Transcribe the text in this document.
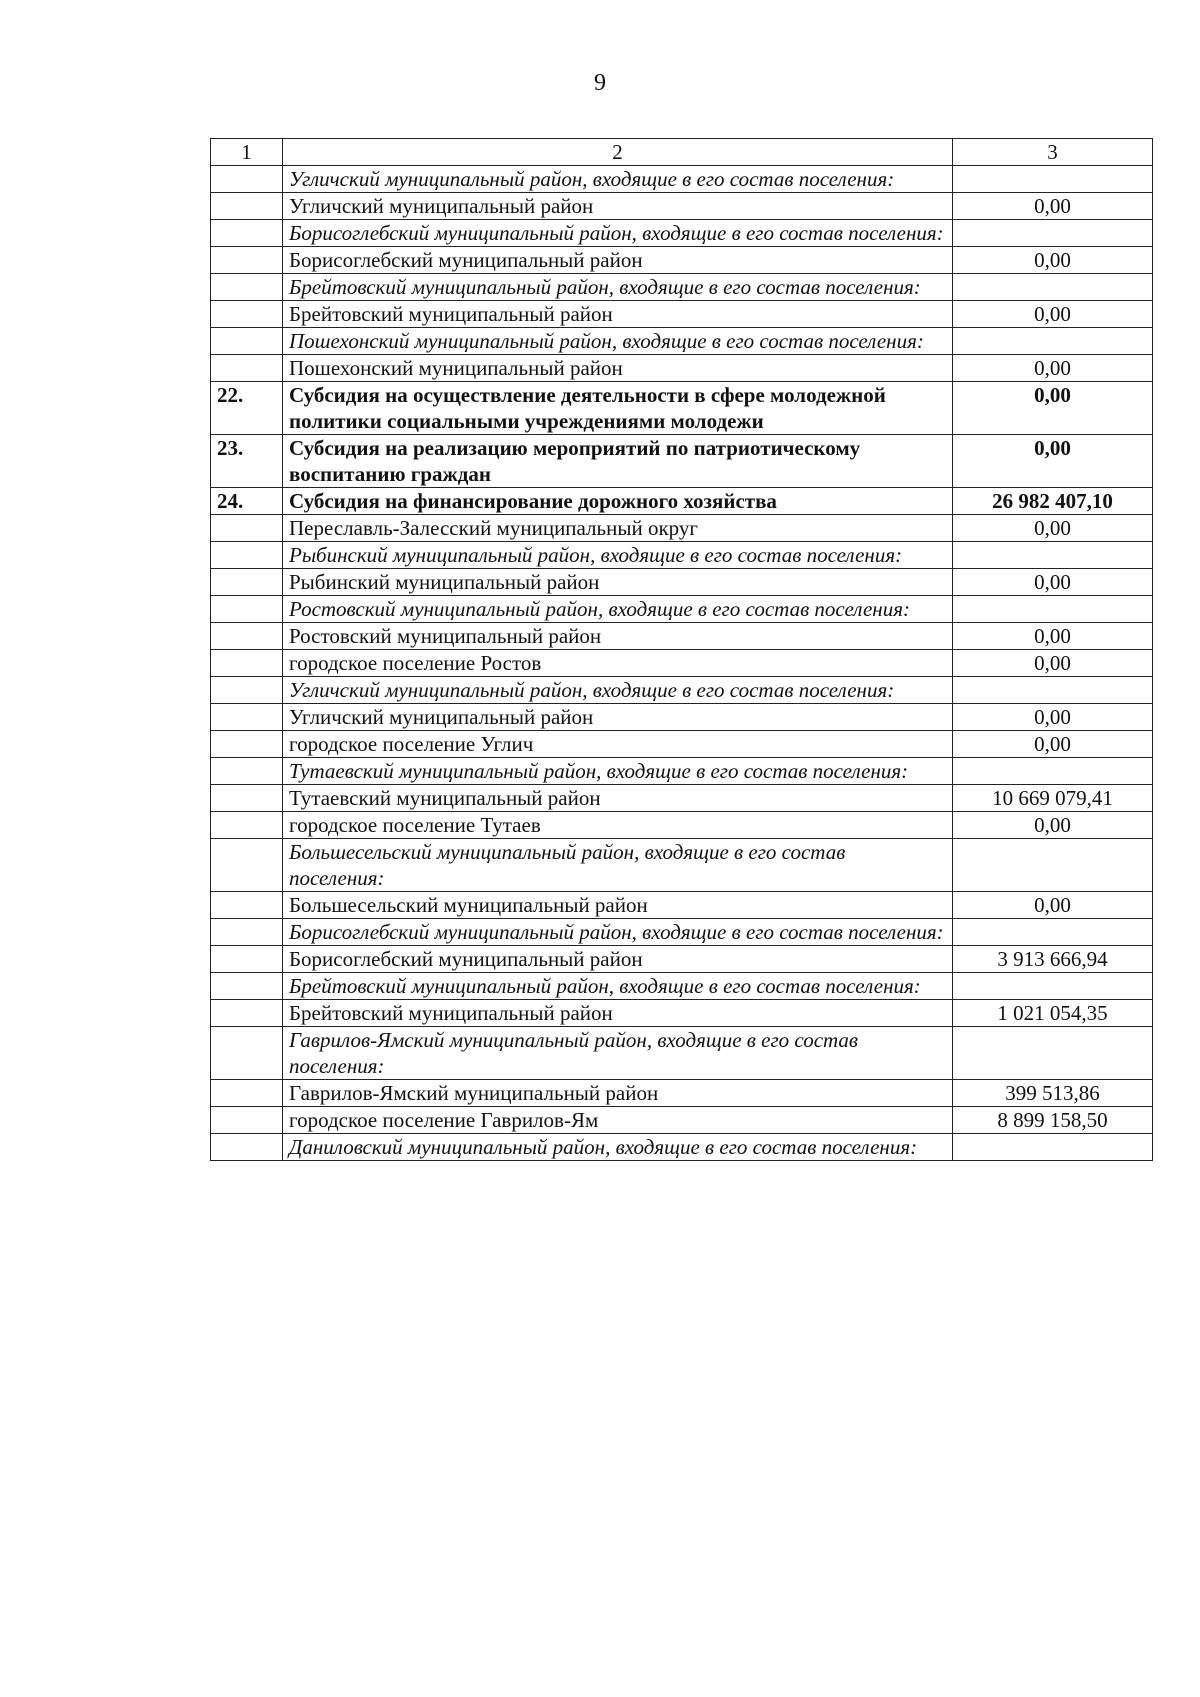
9
1	2	3
	Угличский муниципальный район, входящие в его состав поселения:	
	Угличский муниципальный район	0,00
	Борисоглебский муниципальный район, входящие в его состав поселения:	
	Борисоглебский муниципальный район	0,00
	Брейтовский муниципальный район, входящие в его состав поселения:	
	Брейтовский муниципальный район	0,00
	Пошехонский муниципальный район, входящие в его состав поселения:	
	Пошехонский муниципальный район	0,00
22.	Субсидия на осуществление деятельности в сфере молодежной политики социальными учреждениями молодежи	0,00
23.	Субсидия на реализацию мероприятий по патриотическому воспитанию граждан	0,00
24.	Субсидия на финансирование дорожного хозяйства	26 982 407,10
	Переславль-Залесский муниципальный округ	0,00
	Рыбинский муниципальный район, входящие в его состав поселения:	
	Рыбинский муниципальный район	0,00
	Ростовский муниципальный район, входящие в его состав поселения:	
	Ростовский муниципальный район	0,00
	городское поселение Ростов	0,00
	Угличский муниципальный район, входящие в его состав поселения:	
	Угличский муниципальный район	0,00
	городское поселение Углич	0,00
	Тутаевский муниципальный район, входящие в его состав поселения:	
	Тутаевский муниципальный район	10 669 079,41
	городское поселение Тутаев	0,00
	Большесельский муниципальный район, входящие в его состав поселения:	
	Большесельский муниципальный район	0,00
	Борисоглебский муниципальный район, входящие в его состав поселения:	
	Борисоглебский муниципальный район	3 913 666,94
	Брейтовский муниципальный район, входящие в его состав поселения:	
	Брейтовский муниципальный район	1 021 054,35
	Гаврилов-Ямский муниципальный район, входящие в его состав поселения:	
	Гаврилов-Ямский муниципальный район	399 513,86
	городское поселение Гаврилов-Ям	8 899 158,50
	Даниловский муниципальный район, входящие в его состав поселения:	
